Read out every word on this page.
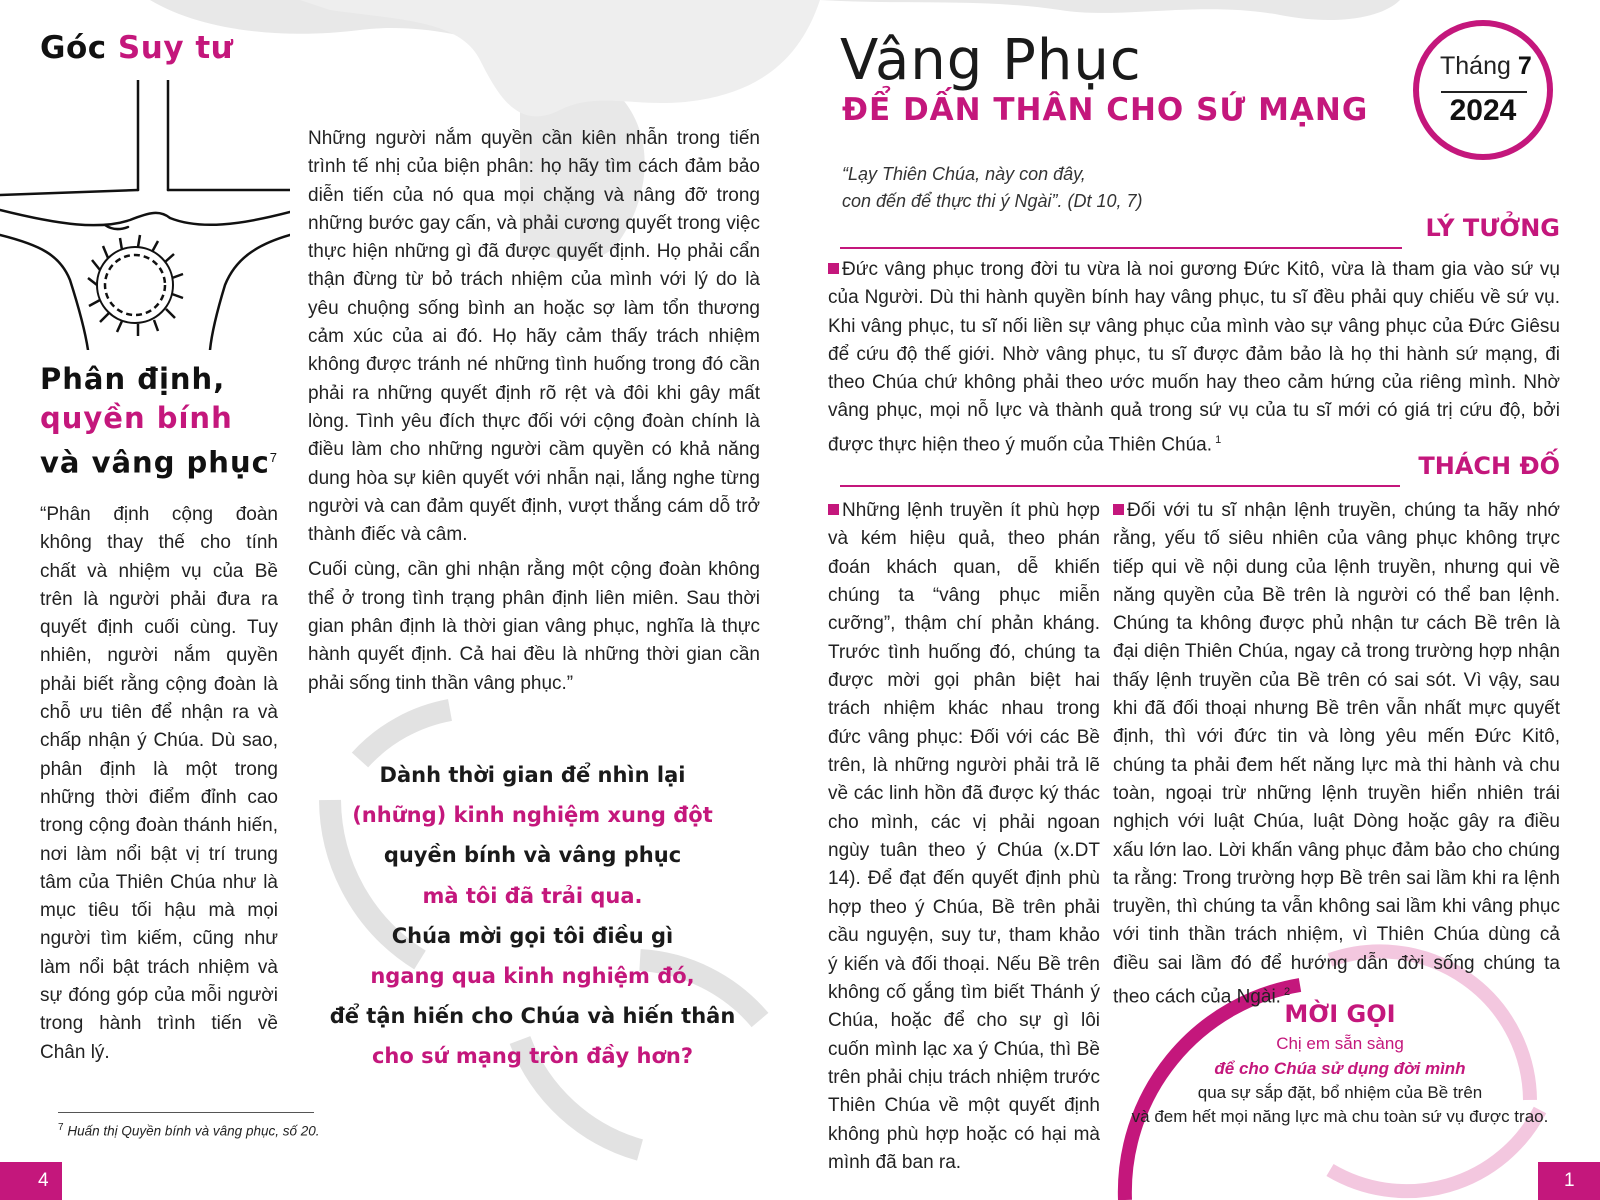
Góc Suy tư
Phân định,
quyền bính
và vâng phục$^7$
“Phân định cộng đoàn không thay thế cho tính chất và nhiệm vụ của Bề trên là người phải đưa ra quyết định cuối cùng. Tuy nhiên, người nắm quyền phải biết rằng cộng đoàn là chỗ ưu tiên để nhận ra và chấp nhận ý Chúa. Dù sao, phân định là một trong những thời điểm đỉnh cao trong cộng đoàn thánh hiến, nơi làm nổi bật vị trí trung tâm của Thiên Chúa như là mục tiêu tối hậu mà mọi người tìm kiếm, cũng như làm nổi bật trách nhiệm và sự đóng góp của mỗi người trong hành trình tiến về Chân lý.

Những người nắm quyền cần kiên nhẫn trong tiến trình tế nhị của biện phân: họ hãy tìm cách đảm bảo diễn tiến của nó qua mọi chặng và nâng đỡ trong những bước gay cấn, và phải cương quyết trong việc thực hiện những gì đã được quyết định. Họ phải cẩn thận đừng từ bỏ trách nhiệm của mình với lý do là yêu chuộng sống bình an hoặc sợ làm tổn thương cảm xúc của ai đó. Họ hãy cảm thấy trách nhiệm không được tránh né những tình huống trong đó cần phải ra những quyết định rõ rệt và đôi khi gây mất lòng. Tình yêu đích thực đối với cộng đoàn chính là điều làm cho những người cầm quyền có khả năng dung hòa sự kiên quyết với nhẫn nại, lắng nghe từng người và can đảm quyết định, vượt thắng cám dỗ trở thành điếc và câm.

Cuối cùng, cần ghi nhận rằng một cộng đoàn không thể ở trong tình trạng phân định liên miên. Sau thời gian phân định là thời gian vâng phục, nghĩa là thực hành quyết định. Cả hai đều là những thời gian cần phải sống tinh thần vâng phục.”

Dành thời gian để nhìn lại
(những) kinh nghiệm xung đột
quyền bính và vâng phục
mà tôi đã trải qua.
Chúa mời gọi tôi điều gì
ngang qua kinh nghiệm đó,
để tận hiến cho Chúa và hiến thân
cho sứ mạng tròn đầy hơn?
$^7$ Huấn thị Quyền bính và vâng phục, số 20.
4
Vâng Phục
ĐỂ DẤN THÂN CHO SỨ MẠNG
Tháng 7
2024
“Lạy Thiên Chúa, này con đây,
con đến để thực thi ý Ngài”. (Dt 10, 7)
LÝ TƯỞNG
Đức vâng phục trong đời tu vừa là noi gương Đức Kitô, vừa là tham gia vào sứ vụ của Người. Dù thi hành quyền bính hay vâng phục, tu sĩ đều phải quy chiếu về sứ vụ. Khi vâng phục, tu sĩ nối liền sự vâng phục của mình vào sự vâng phục của Đức Giêsu để cứu độ thế giới. Nhờ vâng phục, tu sĩ được đảm bảo là họ thi hành sứ mạng, đi theo Chúa chứ không phải theo ước muốn hay theo cảm hứng của riêng mình. Nhờ vâng phục, mọi nỗ lực và thành quả trong sứ vụ của tu sĩ mới có giá trị cứu độ, bởi được thực hiện theo ý muốn của Thiên Chúa. $^1$
THÁCH ĐỐ
Những lệnh truyền ít phù hợp và kém hiệu quả, theo phán đoán khách quan, dễ khiến chúng ta “vâng phục miễn cưỡng”, thậm chí phản kháng. Trước tình huống đó, chúng ta được mời gọi phân biệt hai trách nhiệm khác nhau trong đức vâng phục: Đối với các Bề trên, là những người phải trả lẽ về các linh hồn đã được ký thác cho mình, các vị phải ngoan ngùy tuân theo ý Chúa (x.DT 14). Để đạt đến quyết định phù hợp theo ý Chúa, Bề trên phải cầu nguyện, suy tư, tham khảo ý kiến và đối thoại. Nếu Bề trên không cố gắng tìm biết Thánh ý Chúa, hoặc để cho sự gì lôi cuốn mình lạc xa ý Chúa, thì Bề trên phải chịu trách nhiệm trước Thiên Chúa về một quyết định không phù hợp hoặc có hại mà mình đã ban ra.
Đối với tu sĩ nhận lệnh truyền, chúng ta hãy nhớ rằng, yếu tố siêu nhiên của vâng phục không trực tiếp qui về nội dung của lệnh truyền, nhưng qui về năng quyền của Bề trên là người có thể ban lệnh. Chúng ta không được phủ nhận tư cách Bề trên là đại diện Thiên Chúa, ngay cả trong trường hợp nhận thấy lệnh truyền của Bề trên có sai sót. Vì vậy, sau khi đã đối thoại nhưng Bề trên vẫn nhất mực quyết định, thì với đức tin và lòng yêu mến Đức Kitô, chúng ta phải đem hết năng lực mà thi hành và chu toàn, ngoại trừ những lệnh truyền hiển nhiên trái nghịch với luật Chúa, luật Dòng hoặc gây ra điều xấu lớn lao. Lời khấn vâng phục đảm bảo cho chúng ta rằng: Trong trường hợp Bề trên sai lầm khi ra lệnh truyền, thì chúng ta vẫn không sai lầm khi vâng phục với tinh thần trách nhiệm, vì Thiên Chúa dùng cả điều sai lầm đó để hướng dẫn đời sống chúng ta theo cách của Ngài. $^2$
MỜI GỌI
Chị em sẵn sàng
để cho Chúa sử dụng đời mình
qua sự sắp đặt, bổ nhiệm của Bề trên
và đem hết mọi năng lực mà chu toàn sứ vụ được trao.
1
